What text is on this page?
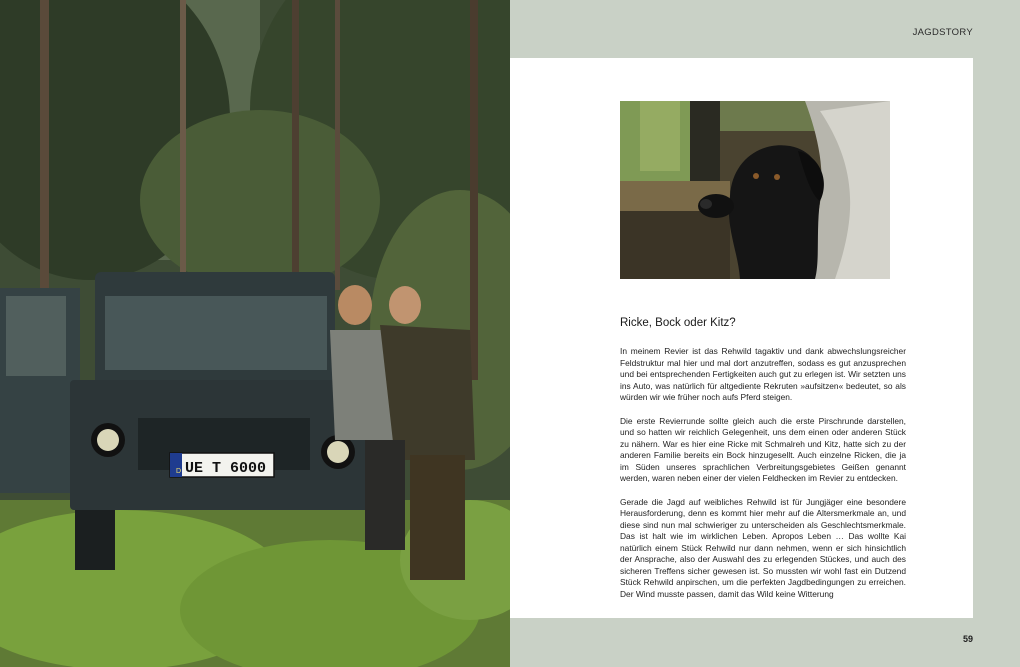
D UE T 6000
JAGDSTORY
Ricke, Bock oder Kitz?

In meinem Revier ist das Rehwild tagaktiv und dank abwechslungsreicher Feldstruktur mal hier und mal dort anzutreffen, sodass es gut anzusprechen und bei entsprechenden Fertigkeiten auch gut zu erlegen ist. Wir setzten uns ins Auto, was natürlich für altgediente Rekruten »aufsitzen« bedeutet, so als würden wir wie früher noch aufs Pferd steigen.

Die erste Revierrunde sollte gleich auch die erste Pirschrunde darstellen, und so hatten wir reichlich Gelegenheit, uns dem einen oder anderen Stück zu nähern. War es hier eine Ricke mit Schmalreh und Kitz, hatte sich zu der anderen Familie bereits ein Bock hinzugesellt. Auch einzelne Ricken, die ja im Süden unseres sprachlichen Verbreitungsgebietes Geißen genannt werden, waren neben einer der vielen Feldhecken im Revier zu entdecken.

Gerade die Jagd auf weibliches Rehwild ist für Jungjäger eine besondere Herausforderung, denn es kommt hier mehr auf die Altersmerkmale an, und diese sind nun mal schwieriger zu unterscheiden als Geschlechtsmerkmale. Das ist halt wie im wirklichen Leben. Apropos Leben … Das wollte Kai natürlich einem Stück Rehwild nur dann nehmen, wenn er sich hinsichtlich der Ansprache, also der Auswahl des zu erlegenden Stückes, und auch des sicheren Treffens sicher gewesen ist. So mussten wir wohl fast ein Dutzend Stück Rehwild anpirschen, um die perfekten Jagdbedingungen zu erreichen. Der Wind musste passen, damit das Wild keine Witterung

59
